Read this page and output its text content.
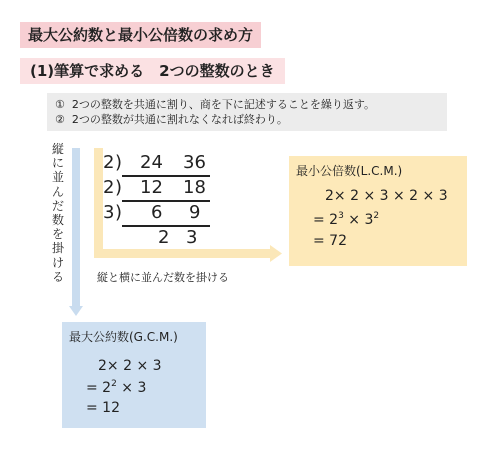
最大公約数と最小公倍数の求め方
(1)筆算で求める　2つの整数のとき
①  2つの整数を共通に割り、商を下に記述することを繰り返す。
②  2つの整数が共通に割れなくなれば終わり。
縦に並んだ数を掛ける
2
2
3
)
)
)
24 36
12 18
6 9
2 3
縦と横に並んだ数を掛ける
最小公倍数(L.C.M.)
2× 2 × 3 × 2 × 3
= $2^3 \times 3^2$
= 72
最大公約数(G.C.M.)
2× 2 × 3
= $2^2 \times 3$
= 12
